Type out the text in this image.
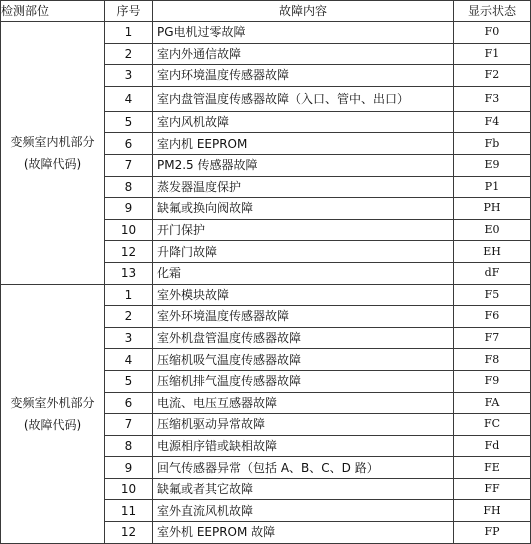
检测部位	序号	故障内容	显示状态
变频室内机部分(故障代码)	1	PG电机过零故障	F0
	2	室内外通信故障	F1
	3	室内环境温度传感器故障	F2
	4	室内盘管温度传感器故障（入口、管中、出口）	F3
	5	室内风机故障	F4
	6	室内机 EEPROM	Fb
	7	PM2.5 传感器故障	E9
	8	蒸发器温度保护	P1
	9	缺氟或换向阀故障	PH
	10	开门保护	E0
	12	升降门故障	EH
	13	化霜	dF
变频室外机部分(故障代码)	1	室外模块故障	F5
	2	室外环境温度传感器故障	F6
	3	室外机盘管温度传感器故障	F7
	4	压缩机吸气温度传感器故障	F8
	5	压缩机排气温度传感器故障	F9
	6	电流、电压互感器故障	FA
	7	压缩机驱动异常故障	FC
	8	电源相序错或缺相故障	Fd
	9	回气传感器异常（包括 A、B、C、D 路）	FE
	10	缺氟或者其它故障	FF
	11	室外直流风机故障	FH
	12	室外机 EEPROM 故障	FP
